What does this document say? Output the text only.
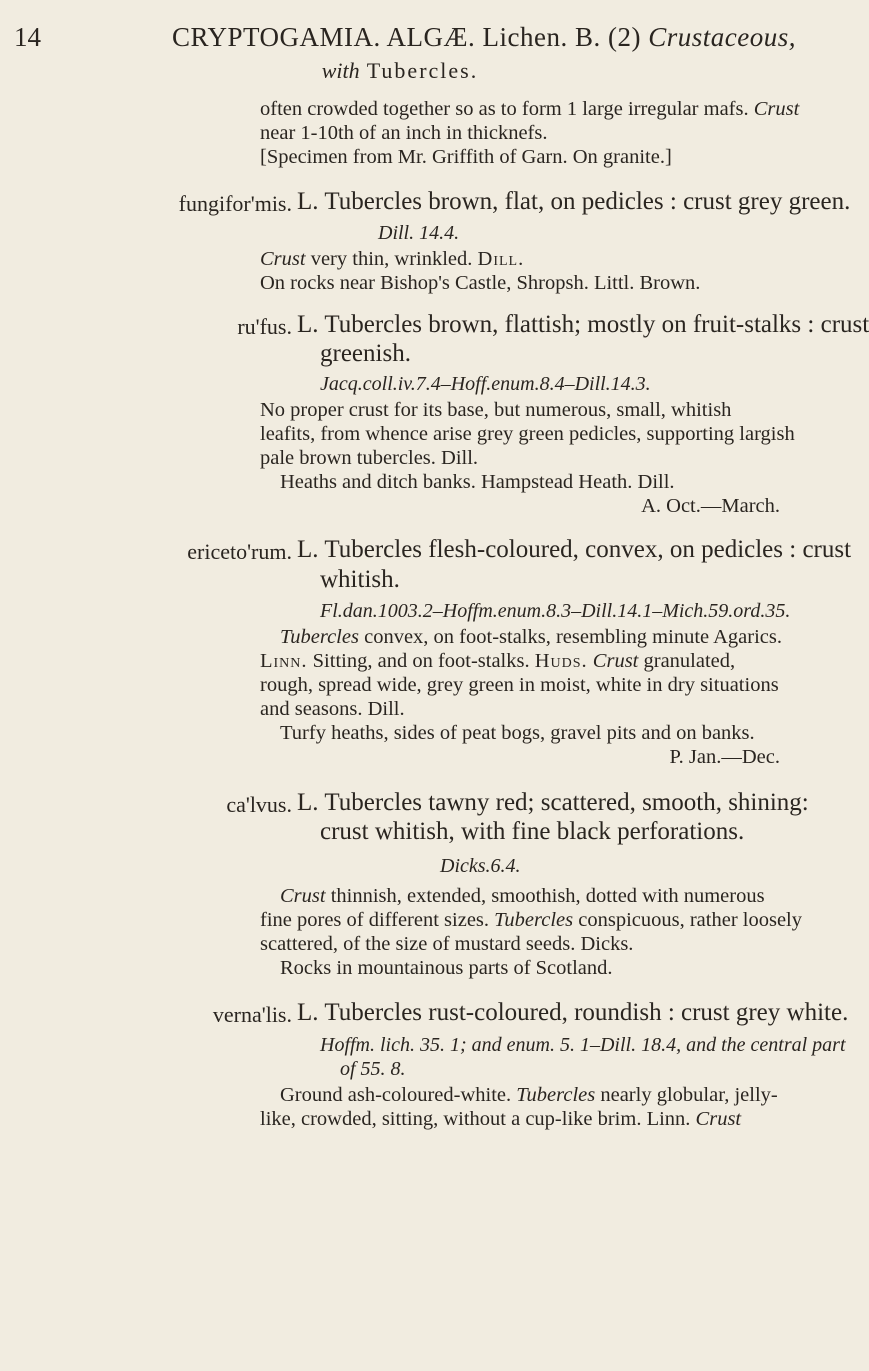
14	CRYPTOGAMIA. ALGÆ. Lichen. B. (2) Crustaceous,
with Tubercles.
often crowded together so as to form 1 large irregular mafs. Crust
near 1-10th of an inch in thicknefs.
[Specimen from Mr. Griffith of Garn. On granite.]
fungifor'mis. L. Tubercles brown, flat, on pedicles : crust grey green.
Dill. 14.4.
Crust very thin, wrinkled. Dill.
On rocks near Bishop's Castle, Shropsh. Littl. Brown.
ru'fus. L. Tubercles brown, flattish; mostly on fruit-stalks : crust
greenish.
Jacq.coll.iv.7.4–Hoff.enum.8.4–Dill.14.3.
No proper crust for its base, but numerous, small, whitish
leafits, from whence arise grey green pedicles, supporting largish
pale brown tubercles. Dill.
Heaths and ditch banks. Hampstead Heath. Dill.
A. Oct.—March.
ericeto'rum. L. Tubercles flesh-coloured, convex, on pedicles : crust
whitish.
Fl.dan.1003.2–Hoffm.enum.8.3–Dill.14.1–Mich.59.ord.35.
Tubercles convex, on foot-stalks, resembling minute Agarics.
Linn. Sitting, and on foot-stalks. Huds. Crust granulated,
rough, spread wide, grey green in moist, white in dry situations
and seasons. Dill.
Turfy heaths, sides of peat bogs, gravel pits and on banks.
P. Jan.—Dec.
ca'lvus. L. Tubercles tawny red; scattered, smooth, shining:
crust whitish, with fine black perforations.
Dicks.6.4.
Crust thinnish, extended, smoothish, dotted with numerous
fine pores of different sizes. Tubercles conspicuous, rather loosely
scattered, of the size of mustard seeds. Dicks.
Rocks in mountainous parts of Scotland.
verna'lis. L. Tubercles rust-coloured, roundish : crust grey white.
Hoffm. lich. 35. 1; and enum. 5. 1–Dill. 18.4, and the central part
of 55. 8.
Ground ash-coloured-white. Tubercles nearly globular, jelly-
like, crowded, sitting, without a cup-like brim. Linn. Crust
